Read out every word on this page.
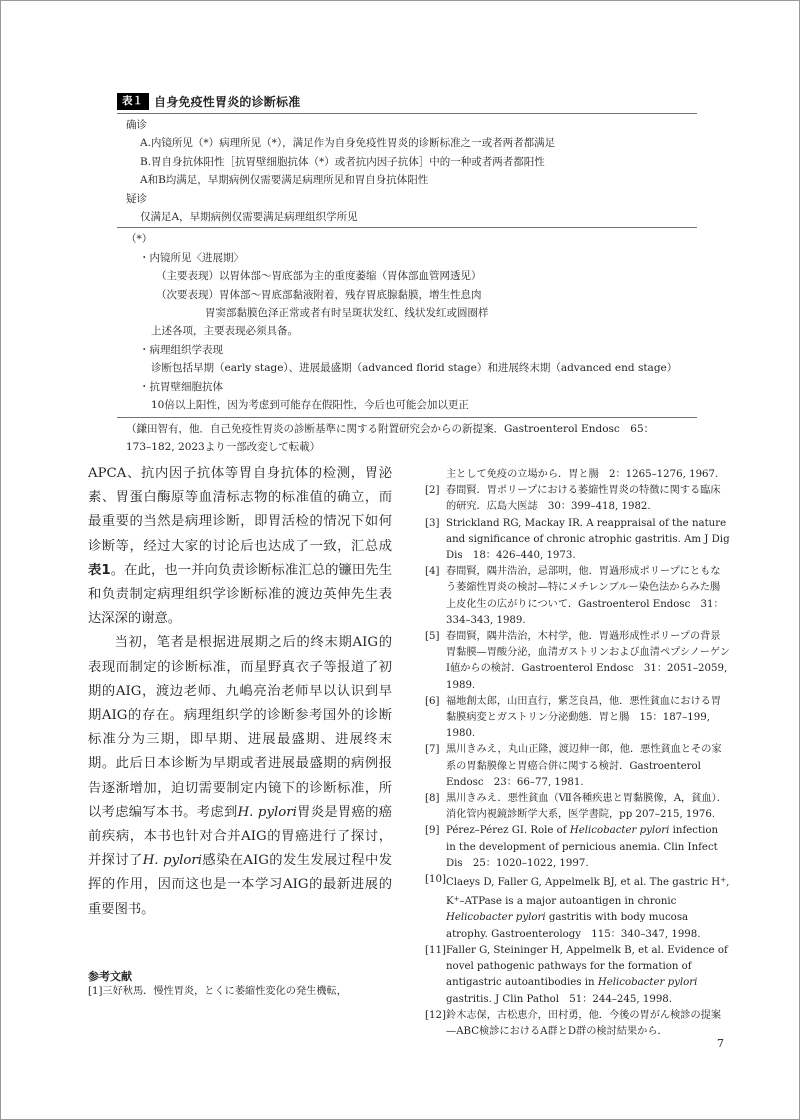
表１ 自身免疫性胃炎的诊断标准
确诊
A.内镜所见（*）病理所见（*），满足作为自身免疫性胃炎的诊断标准之一或者两者都满足
B.胃自身抗体阳性［抗胃壁细胞抗体（*）或者抗内因子抗体］中的一种或者两者都阳性
A和B均满足，早期病例仅需要满足病理所见和胃自身抗体阳性
疑诊
仅满足A，早期病例仅需要满足病理组织学所见
（*）
・内镜所见〈进展期〉
（主要表现）以胃体部～胃底部为主的重度萎缩（胃体部血管网透见）
（次要表现）胃体部～胃底部黏液附着，残存胃底腺黏膜，增生性息肉
胃窦部黏膜色泽正常或者有时呈斑状发红、线状发红或圆圈样
上述各项，主要表现必须具备。
・病理组织学表现
诊断包括早期（early stage）、进展最盛期（advanced florid stage）和进展终末期（advanced end stage）
・抗胃壁细胞抗体
10倍以上阳性，因为考虑到可能存在假阳性，今后也可能会加以更正
（鎌田智有，他．自己免疫性胃炎の診断基準に関する附置研究会からの新提案．Gastroenterol Endosc　65：
173–182, 2023より一部改変して転載）

APCA、抗内因子抗体等胃自身抗体的检测，胃泌素、胃蛋白酶原等血清标志物的标准值的确立，而最重要的当然是病理诊断，即胃活检的情况下如何诊断等，经过大家的讨论后也达成了一致，汇总成表1。在此，也一并向负责诊断标准汇总的镰田先生和负责制定病理组织学诊断标准的渡边英伸先生表达深深的谢意。

当初，笔者是根据进展期之后的终末期AIG的表现而制定的诊断标准，而星野真衣子等报道了初期的AIG，渡边老师、九嶋亮治老师早以认识到早期AIG的存在。病理组织学的诊断参考国外的诊断标准分为三期，即早期、进展最盛期、进展终末期。此后日本诊断为早期或者进展最盛期的病例报告逐渐增加，迫切需要制定内镜下的诊断标准，所以考虑编写本书。考虑到H. pylori胃炎是胃癌的癌前疾病，本书也针对合并AIG的胃癌进行了探讨，并探讨了H. pylori感染在AIG的发生发展过程中发挥的作用，因而这也是一本学习AIG的最新进展的重要图书。

参考文献
[1]三好秋馬．慢性胃炎，とくに萎縮性変化の発生機転，
主として免疫の立場から．胃と腸　2：1265–1276, 1967.
[2] 春間賢．胃ポリープにおける萎縮性胃炎の特徴に関する臨床的研究．広島大医誌　30：399–418, 1982.
[3] Strickland RG, Mackay IR. A reappraisal of the nature and significance of chronic atrophic gastritis. Am J Dig Dis　18：426–440, 1973.
[4] 春間賢，隅井浩治，忌部明，他．胃過形成ポリープにともなう萎縮性胃炎の検討—特にメチレンブルー染色法からみた腸上皮化生の広がりについて．Gastroenterol Endosc　31：334–343, 1989.
[5] 春間賢，隅井浩治，木村学，他．胃過形成性ポリープの背景胃黏膜—胃酸分泌，血清ガストリンおよび血清ペプシノーゲンI値からの検討．Gastroenterol Endosc　31：2051–2059, 1989.
[6] 福地創太郎，山田直行，紫芝良昌，他．悪性貧血における胃黏膜病変とガストリン分泌動態．胃と腸　15：187–199, 1980.
[7] 黒川きみえ，丸山正隆，渡辺伸一郎，他．悪性貧血とその家系の胃黏膜像と胃癌合併に関する検討．Gastroenterol Endosc　23：66–77, 1981.
[8] 黒川きみえ．悪性貧血（Ⅶ各種疾患と胃黏膜像，A，貧血）．消化管内視鏡診断学大系，医学書院，pp 207–215, 1976.
[9] Pérez–Pérez GI. Role of Helicobacter pylori infection in the development of pernicious anemia. Clin Infect Dis　25：1020–1022, 1997.
[10] Claeys D, Faller G, Appelmelk BJ, et al. The gastric H+, K+–ATPase is a major autoantigen in chronic Helicobacter pylori gastritis with body mucosa atrophy. Gastroenterology　115：340–347, 1998.
[11] Faller G, Steininger H, Appelmelk B, et al. Evidence of novel pathogenic pathways for the formation of antigastric autoantibodies in Helicobacter pylori gastritis. J Clin Pathol　51：244–245, 1998.
[12] 鈴木志保，古松恵介，田村勇，他．今後の胃がん検診の提案—ABC検診におけるA群とD群の検討結果から．
7
